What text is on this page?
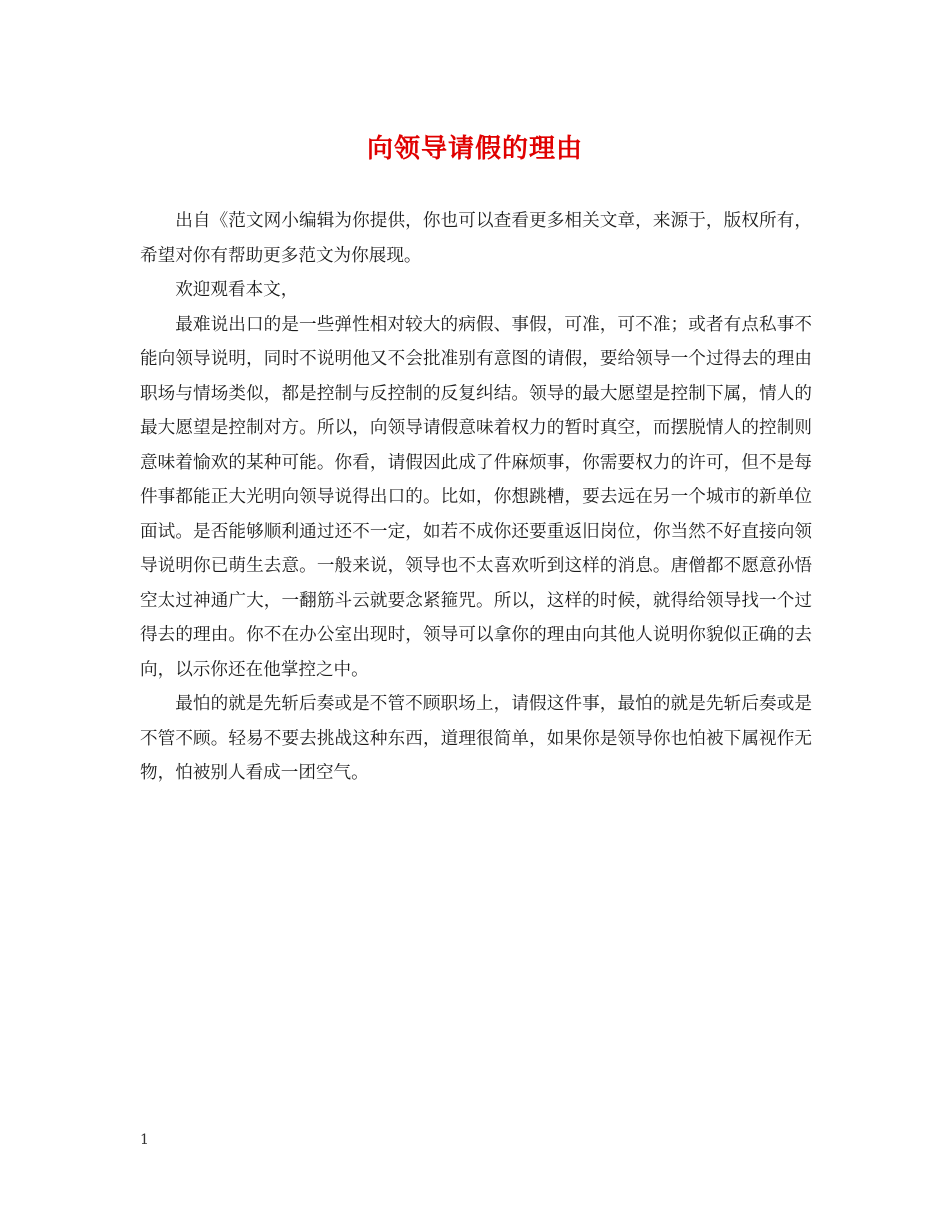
向领导请假的理由

出自《范文网小编辑为你提供，你也可以查看更多相关文章，来源于，版权所有，希望对你有帮助更多范文为你展现。

欢迎观看本文，

最难说出口的是一些弹性相对较大的病假、事假，可准，可不准；或者有点私事不能向领导说明，同时不说明他又不会批准别有意图的请假，要给领导一个过得去的理由职场与情场类似，都是控制与反控制的反复纠结。领导的最大愿望是控制下属，情人的最大愿望是控制对方。所以，向领导请假意味着权力的暂时真空，而摆脱情人的控制则意味着愉欢的某种可能。你看，请假因此成了件麻烦事，你需要权力的许可，但不是每件事都能正大光明向领导说得出口的。比如，你想跳槽，要去远在另一个城市的新单位面试。是否能够顺利通过还不一定，如若不成你还要重返旧岗位，你当然不好直接向领导说明你已萌生去意。一般来说，领导也不太喜欢听到这样的消息。唐僧都不愿意孙悟空太过神通广大，一翻筋斗云就要念紧箍咒。所以，这样的时候，就得给领导找一个过得去的理由。你不在办公室出现时，领导可以拿你的理由向其他人说明你貌似正确的去向，以示你还在他掌控之中。

最怕的就是先斩后奏或是不管不顾职场上，请假这件事，最怕的就是先斩后奏或是不管不顾。轻易不要去挑战这种东西，道理很简单，如果你是领导你也怕被下属视作无物，怕被别人看成一团空气。

1
